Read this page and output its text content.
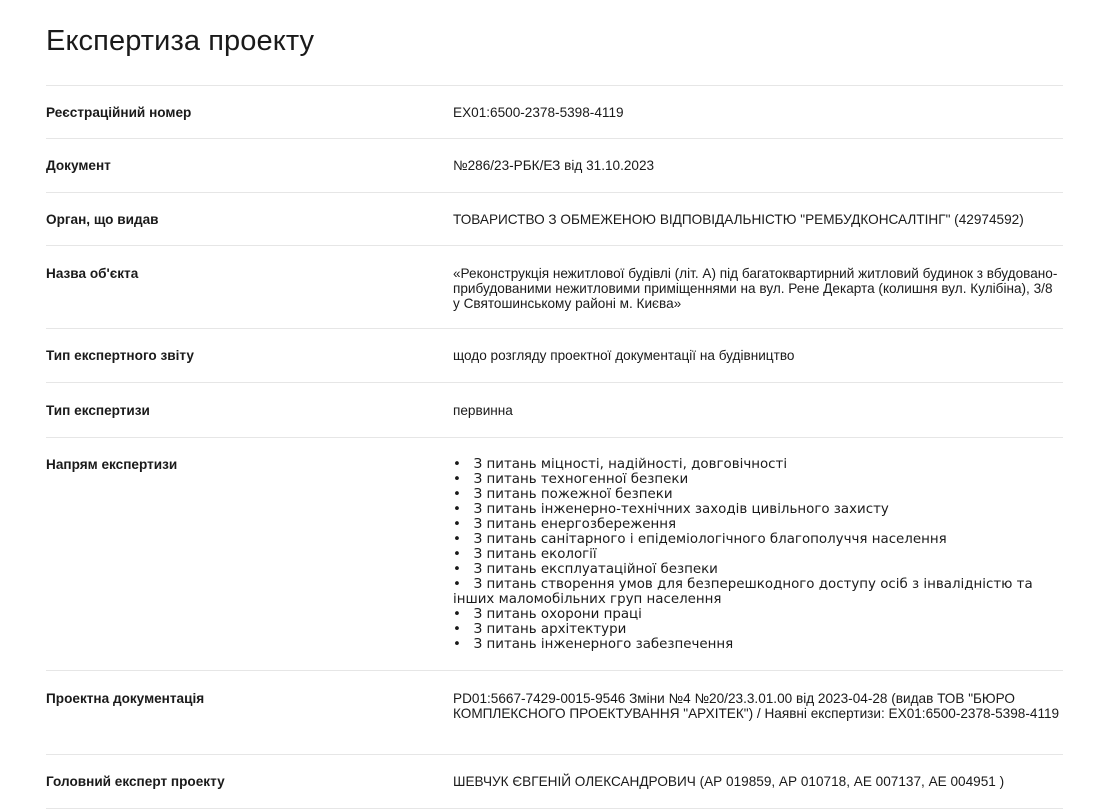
Експертиза проекту
Реєстраційний номер	EX01:6500-2378-5398-4119
Документ	№286/23-РБК/ЕЗ від 31.10.2023
Орган, що видав	ТОВАРИСТВО З ОБМЕЖЕНОЮ ВІДПОВІДАЛЬНІСТЮ "РЕМБУДКОНСАЛТІНГ" (42974592)
Назва об'єкта	«Реконструкція нежитлової будівлі (літ. А) під багатоквартирний житловий будинок з вбудовано-прибудованими нежитловими приміщеннями на вул. Рене Декарта (колишня вул. Кулібіна), 3/8 у Святошинському районі м. Києва»
Тип експертного звіту	щодо розгляду проектної документації на будівництво
Тип експертизи	первинна
Напрям експертизи
•	З питань міцності, надійності, довговічності
•   З питань техногенної безпеки
•   З питань пожежної безпеки
•   З питань інженерно-технічних заходів цивільного захисту
•   З питань енергозбереження
•   З питань санітарного і епідеміологічного благополуччя населення
•   З питань екології
•   З питань експлуатаційної безпеки
•   З питань створення умов для безперешкодного доступу осіб з інвалідністю та інших маломобільних груп населення
•   З питань охорони праці
•   З питань архітектури
•   З питань інженерного забезпечення
Проектна документація	PD01:5667-7429-0015-9546 Зміни №4 №20/23.3.01.00 від 2023-04-28 (видав ТОВ "БЮРО КОМПЛЕКСНОГО ПРОЕКТУВАННЯ "АРХІТЕК") / Наявні експертизи: EX01:6500-2378-5398-4119
Головний експерт проекту	ШЕВЧУК ЄВГЕНІЙ ОЛЕКСАНДРОВИЧ (АР 019859, АР 010718, АЕ 007137, АЕ 004951 )
